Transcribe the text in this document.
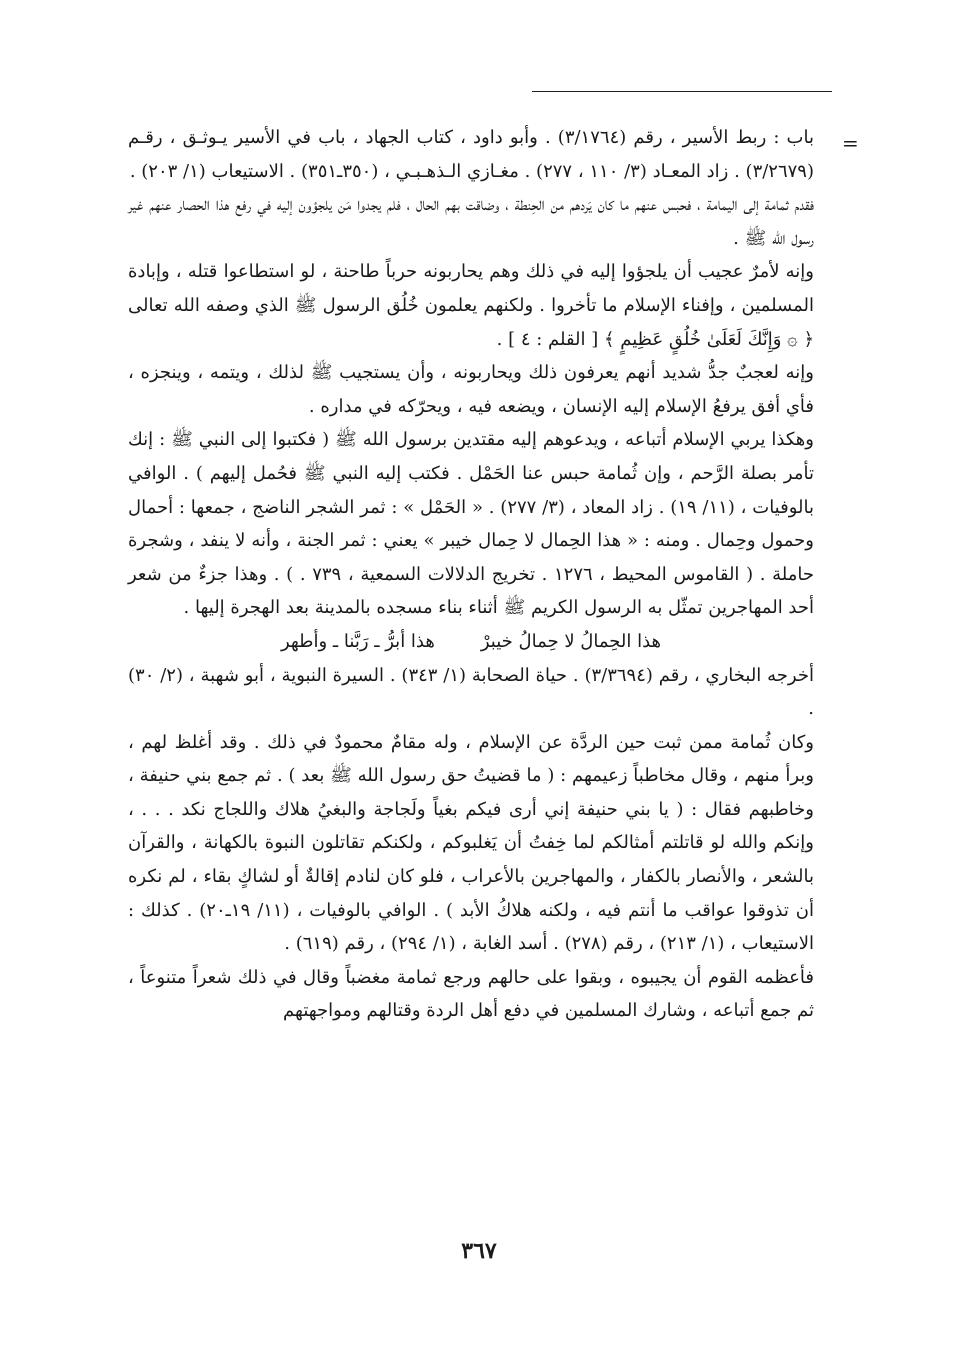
=

باب : ربط الأسير ، رقم (٣/١٧٦٤) . وأبو داود ، كتاب الجهاد ، باب في الأسير يـوثـق ، رقـم (٣/٢٦٧٩) . زاد المعـاد (٣/ ١١٠ ، ٢٧٧) . مغـازي الـذهـبـي ، (٣٥٠ـ٣٥١) . الاستيعاب (١/ ٢٠٣) .

فقدم ثمامة إلى اليمامة ، فحبس عنهم ما كان يَردهم من الحِنطة ، وضاقت بهم الحال ، فلم يجدوا مَن يلجؤون إليه في رفع هذا الحصار عنهم غير رسول الله ﷺ .

وإنه لأمرٌ عجيب أن يلجؤوا إليه في ذلك وهم يحاربونه حرباً طاحنة ، لو استطاعوا قتله ، وإبادة المسلمين ، وإفناء الإسلام ما تأخروا . ولكنهم يعلمون خُلُق الرسول ﷺ الذي وصفه الله تعالى ﴿ ۞ وَإِنَّكَ لَعَلَىٰ خُلُقٍ عَظِيمٍ ﴾ [ القلم : ٤ ] .

وإنه لعجبٌ جدُّ شديد أنهم يعرفون ذلك ويحاربونه ، وأن يستجيب ﷺ لذلك ، ويتمه ، وينجزه ، فأي أفق يرفعُ الإسلام إليه الإنسان ، ويضعه فيه ، ويحرّكه في مداره .

وهكذا يربي الإسلام أتباعه ، ويدعوهم إليه مقتدين برسول الله ﷺ ( فكتبوا إلى النبي ﷺ : إنك تأمر بصلة الرَّحم ، وإن ثُمامة حبس عنا الحَمْل . فكتب إليه النبي ﷺ فحُمل إليهم ) . الوافي بالوفيات ، (١١/ ١٩) . زاد المعاد ، (٣/ ٢٧٧) . « الحَمْل » : ثمر الشجر الناضج ، جمعها : أحمال وحمول وحِمال . ومنه : « هذا الحِمال لا حِمال خيبر » يعني : ثمر الجنة ، وأنه لا ينفد ، وشجرة حاملة . ( القاموس المحيط ، ١٢٧٦ . تخريج الدلالات السمعية ، ٧٣٩ . ) . وهذا جزءٌ من شعر أحد المهاجرين تمثّل به الرسول الكريم ﷺ أثناء بناء مسجده بالمدينة بعد الهجرة إليها .

هذا الحِمالُ لا حِمالُ خيبرْ
هذا أبرُّ ـ رَبَّنا ـ وأطهر

أخرجه البخاري ، رقم (٣/٣٦٩٤) . حياة الصحابة (١/ ٣٤٣) . السيرة النبوية ، أبو شهبة ، (٢/ ٣٠) .

وكان ثُمامة ممن ثبت حين الردَّة عن الإسلام ، وله مقامٌ محمودٌ في ذلك . وقد أغلظ لهم ، وبرأ منهم ، وقال مخاطباً زعيمهم : ( ما قضيتُ حق رسول الله ﷺ بعد ) . ثم جمع بني حنيفة ، وخاطبهم فقال : ( يا بني حنيفة إني أرى فيكم بغياً ولَجاجة والبغيُ هلاك واللجاج نكد . . . ، وإنكم والله لو قاتلتم أمثالكم لما خِفتُ أن يَغلبوكم ، ولكنكم تقاتلون النبوة بالكهانة ، والقرآن بالشعر ، والأنصار بالكفار ، والمهاجرين بالأعراب ، فلو كان لنادم إقالةٌ أو لشاكٍ بقاء ، لم نكره أن تذوقوا عواقب ما أنتم فيه ، ولكنه هلاكُ الأبد ) . الوافي بالوفيات ، (١١/ ١٩ـ٢٠) . كذلك : الاستيعاب ، (١/ ٢١٣) ، رقم (٢٧٨) . أسد الغابة ، (١/ ٢٩٤) ، رقم (٦١٩) .

فأعظمه القوم أن يجيبوه ، وبقوا على حالهم ورجع ثمامة مغضباً وقال في ذلك شعراً متنوعاً ، ثم جمع أتباعه ، وشارك المسلمين في دفع أهل الردة وقتالهم ومواجهتهم

٣٦٧
